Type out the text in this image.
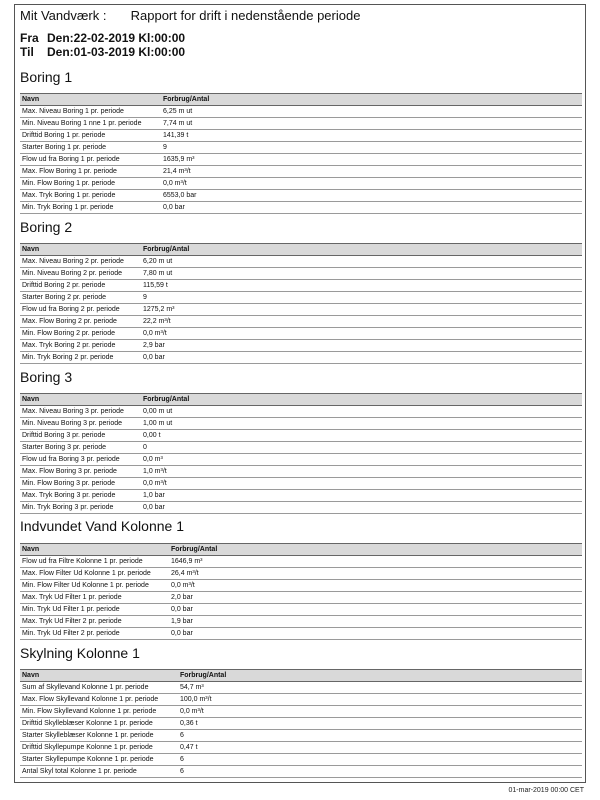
Mit Vandværk : Rapport for drift i nedenstående periode
Fra Den:22-02-2019 Kl:00:00
Til Den:01-03-2019 Kl:00:00
Boring 1
Navn	Forbrug/Antal
Max. Niveau Boring 1 pr. periode	6,25 m ut
Min. Niveau Boring 1 nne 1 pr. periode	7,74 m ut
Drifttid Boring 1 pr. periode	141,39 t
Starter Boring 1 pr. periode	9
Flow ud fra Boring 1 pr. periode	1635,9 m³
Max. Flow Boring 1 pr. periode	21,4 m³/t
Min. Flow Boring 1 pr. periode	0,0 m³/t
Max. Tryk Boring 1 pr. periode	6553,0 bar
Min. Tryk Boring 1 pr. periode	0,0 bar
Boring 2
Navn	Forbrug/Antal
Max. Niveau Boring 2 pr. periode	6,20 m ut
Min. Niveau Boring 2 pr. periode	7,80 m ut
Drifttid Boring 2 pr. periode	115,59 t
Starter Boring 2 pr. periode	9
Flow ud fra Boring 2 pr. periode	1275,2 m³
Max. Flow Boring 2 pr. periode	22,2 m³/t
Min. Flow Boring 2 pr. periode	0,0 m³/t
Max. Tryk Boring 2 pr. periode	2,9 bar
Min. Tryk Boring 2 pr. periode	0,0 bar
Boring 3
Navn	Forbrug/Antal
Max. Niveau Boring 3 pr. periode	0,00 m ut
Min. Niveau Boring 3 pr. periode	1,00 m ut
Drifttid Boring 3 pr. periode	0,00 t
Starter Boring 3 pr. periode	0
Flow ud fra Boring 3 pr. periode	0,0 m³
Max. Flow Boring 3 pr. periode	1,0 m³/t
Min. Flow Boring 3 pr. periode	0,0 m³/t
Max. Tryk Boring 3 pr. periode	1,0 bar
Min. Tryk Boring 3 pr. periode	0,0 bar
Indvundet Vand Kolonne 1
Navn	Forbrug/Antal
Flow ud fra Filtre Kolonne 1 pr. periode	1646,9 m³
Max. Flow Filter Ud Kolonne 1 pr. periode	26,4 m³/t
Min. Flow Filter Ud Kolonne 1 pr. periode	0,0 m³/t
Max. Tryk Ud Filter 1 pr. periode	2,0 bar
Min. Tryk Ud Filter 1 pr. periode	0,0 bar
Max. Tryk Ud Filter 2 pr. periode	1,9 bar
Min. Tryk Ud Filter 2 pr. periode	0,0 bar
Skylning Kolonne 1
Navn	Forbrug/Antal
Sum af Skyllevand Kolonne 1 pr. periode	54,7 m³
Max. Flow Skyllevand Kolonne 1 pr. periode	100,0 m³/t
Min. Flow Skyllevand Kolonne 1 pr. periode	0,0 m³/t
Drifttid Skylleblæser Kolonne 1 pr. periode	0,36 t
Starter Skylleblæser Kolonne 1 pr. periode	6
Drifttid Skyllepumpe Kolonne 1 pr. periode	0,47 t
Starter Skyllepumpe Kolonne 1 pr. periode	6
Antal Skyl total Kolonne 1 pr. periode	6
01-mar-2019 00:00 CET
